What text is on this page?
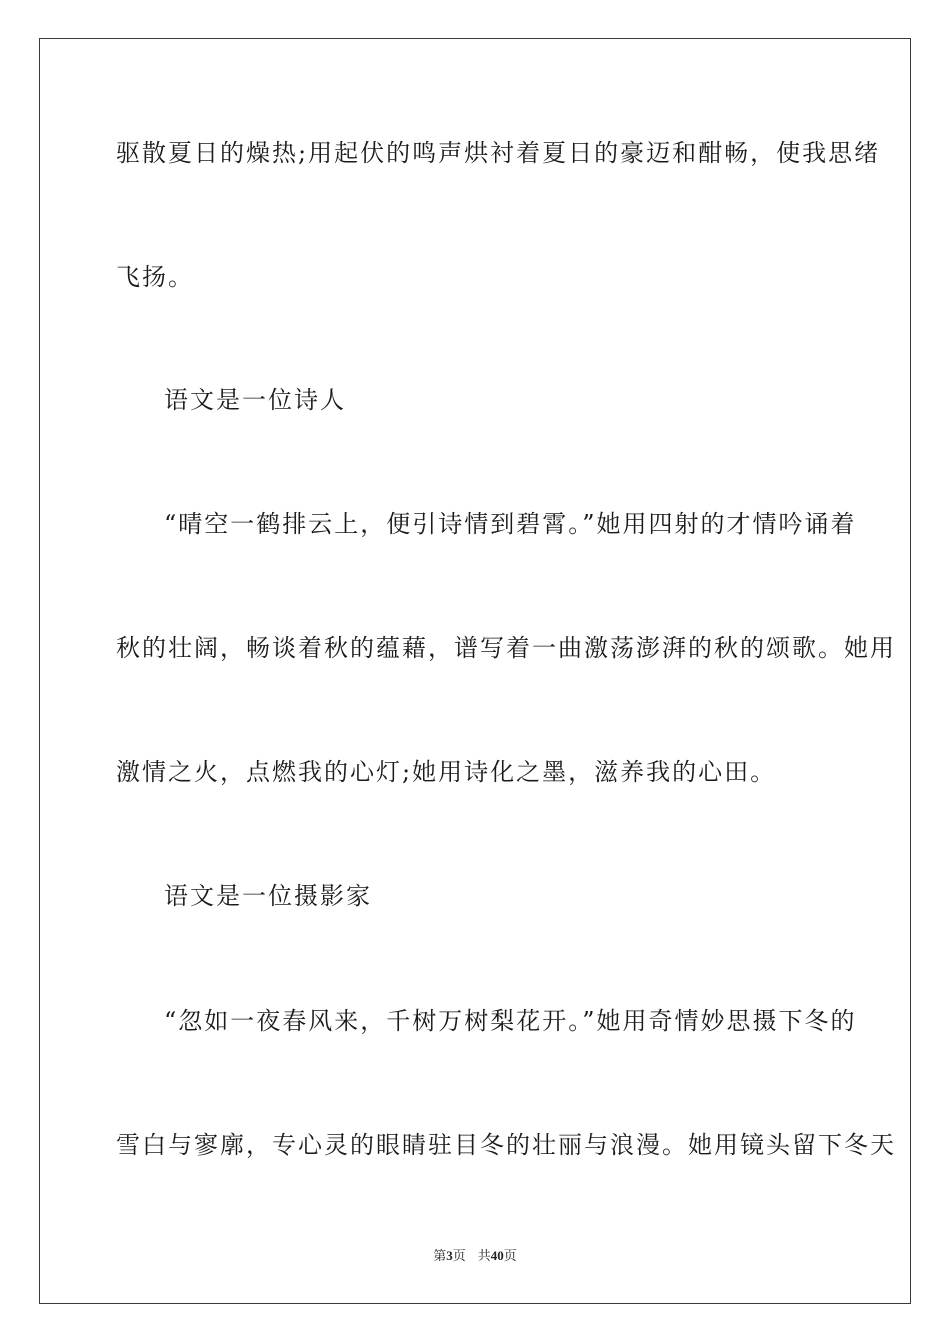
驱散夏日的燥热;用起伏的鸣声烘衬着夏日的豪迈和酣畅，使我思绪
飞扬。
语文是一位诗人
“晴空一鹤排云上，便引诗情到碧霄。”她用四射的才情吟诵着
秋的壮阔，畅谈着秋的蕴藉，谱写着一曲激荡澎湃的秋的颂歌。她用
激情之火，点燃我的心灯;她用诗化之墨，滋养我的心田。
语文是一位摄影家
“忽如一夜春风来，千树万树梨花开。”她用奇情妙思摄下冬的
雪白与寥廓，专心灵的眼睛驻目冬的壮丽与浪漫。她用镜头留下冬天
第3页 共40页
